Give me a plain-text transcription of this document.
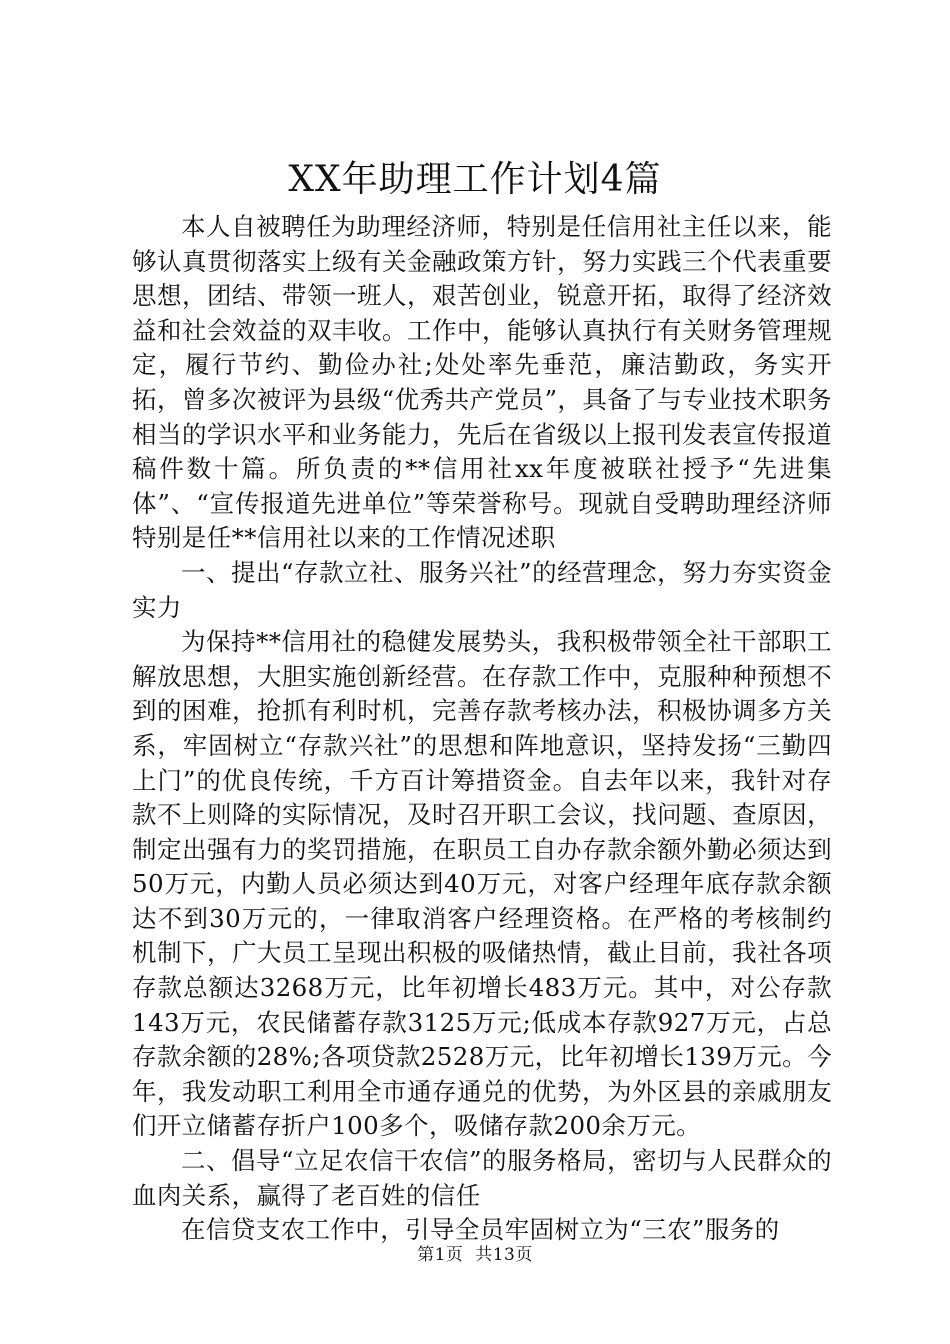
XX年助理工作计划4篇

本人自被聘任为助理经济师，特别是任信用社主任以来，能够认真贯彻落实上级有关金融政策方针，努力实践三个代表重要思想，团结、带领一班人，艰苦创业，锐意开拓，取得了经济效益和社会效益的双丰收。工作中，能够认真执行有关财务管理规定，履行节约、勤俭办社;处处率先垂范，廉洁勤政，务实开拓，曾多次被评为县级“优秀共产党员”，具备了与专业技术职务相当的学识水平和业务能力，先后在省级以上报刊发表宣传报道稿件数十篇。所负责的**信用社xx年度被联社授予“先进集体”、“宣传报道先进单位”等荣誉称号。现就自受聘助理经济师特别是任**信用社以来的工作情况述职

一、提出“存款立社、服务兴社”的经营理念，努力夯实资金实力

为保持**信用社的稳健发展势头，我积极带领全社干部职工解放思想，大胆实施创新经营。在存款工作中，克服种种预想不到的困难，抢抓有利时机，完善存款考核办法，积极协调多方关系，牢固树立“存款兴社”的思想和阵地意识，坚持发扬“三勤四上门”的优良传统，千方百计筹措资金。自去年以来，我针对存款不上则降的实际情况，及时召开职工会议，找问题、查原因，制定出强有力的奖罚措施，在职员工自办存款余额外勤必须达到50万元，内勤人员必须达到40万元，对客户经理年底存款余额达不到30万元的，一律取消客户经理资格。在严格的考核制约机制下，广大员工呈现出积极的吸储热情，截止目前，我社各项存款总额达3268万元，比年初增长483万元。其中，对公存款143万元，农民储蓄存款3125万元;低成本存款927万元，占总存款余额的28%;各项贷款2528万元，比年初增长139万元。今年，我发动职工利用全市通存通兑的优势，为外区县的亲戚朋友们开立储蓄存折户100多个，吸储存款200余万元。

二、倡导“立足农信干农信”的服务格局，密切与人民群众的血肉关系，赢得了老百姓的信任

在信贷支农工作中，引导全员牢固树立为“三农”服务的

第1页  共13页
